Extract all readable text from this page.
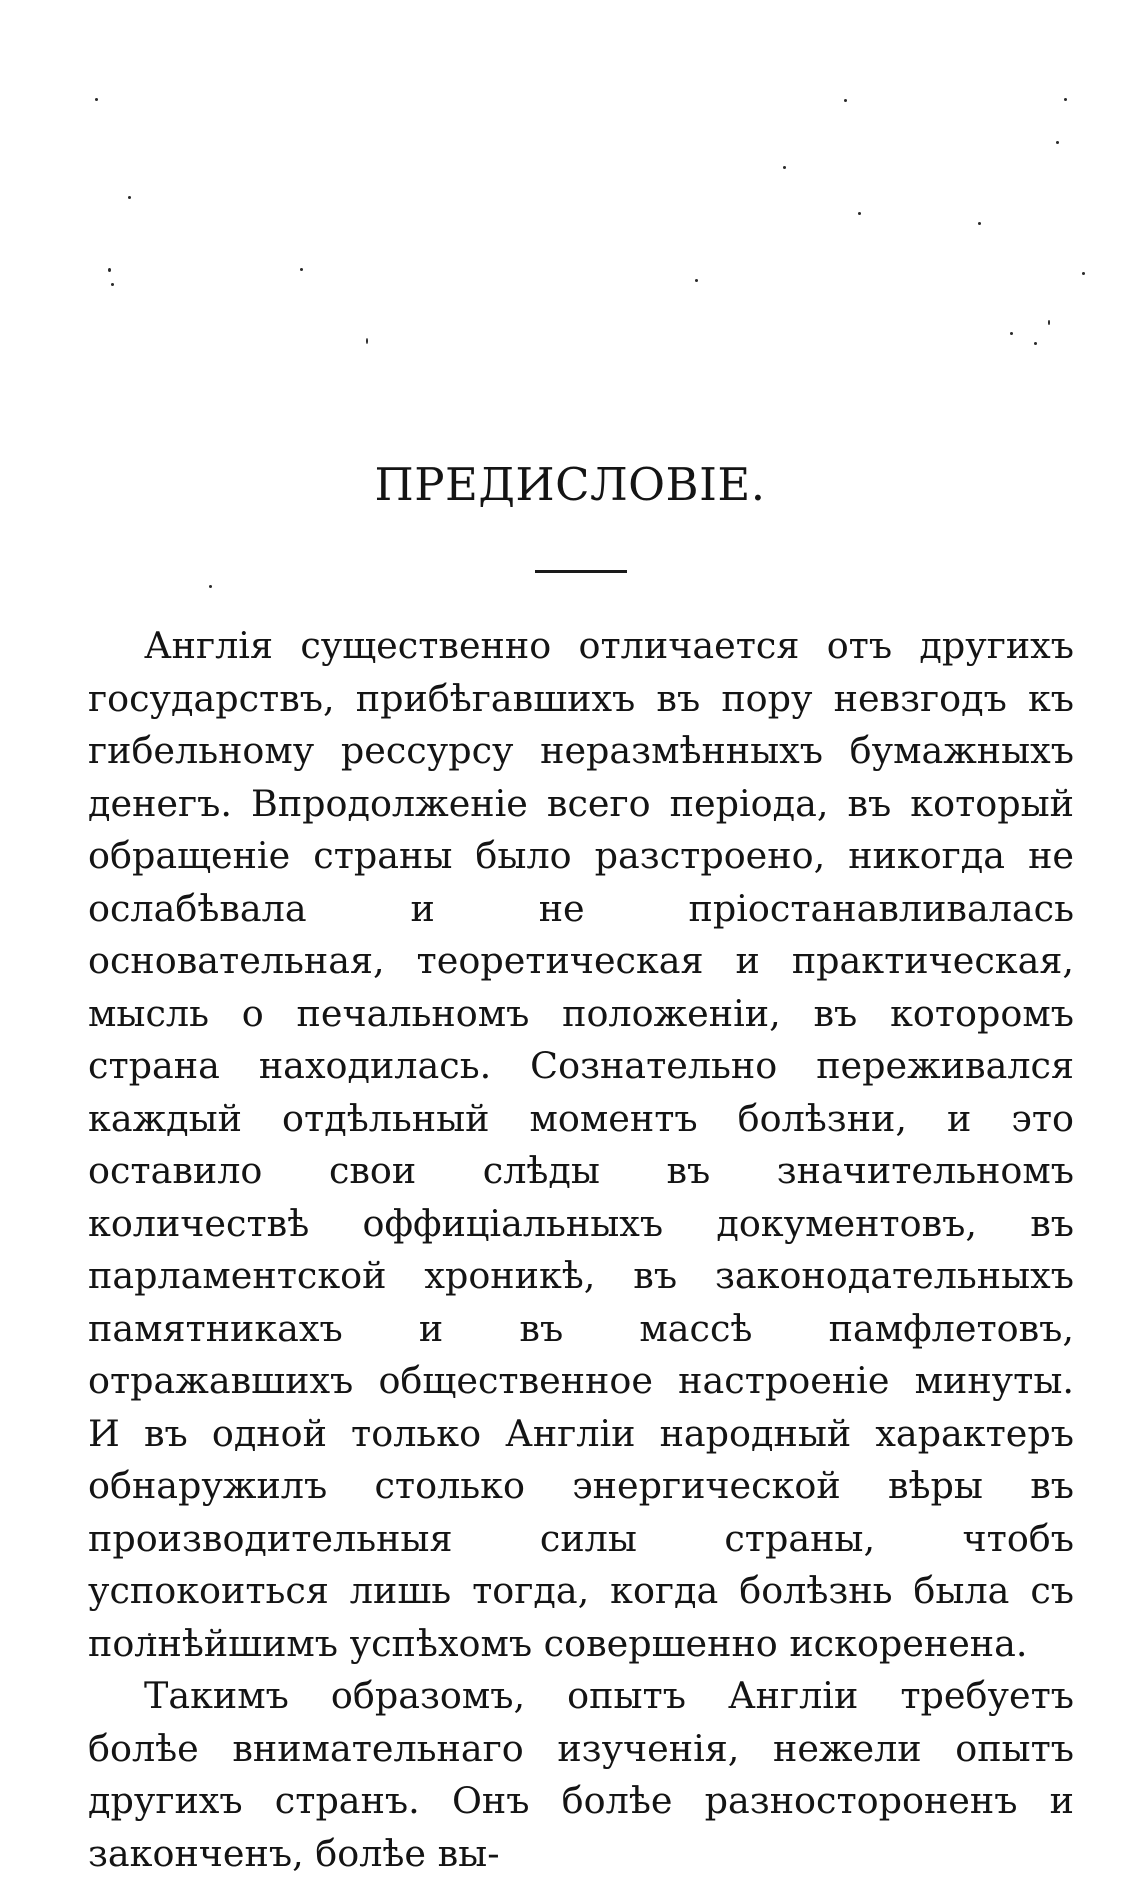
ПРЕДИСЛОВІЕ.

Англія существенно отличается отъ другихъ государствъ, прибѣгавшихъ въ пору невзгодъ къ гибельному рессурсу неразмѣнныхъ бумажныхъ денегъ. Впродолженіе всего періода, въ который обращеніе страны было разстроено, никогда не ослабѣвала и не пріостанавливалась основательная, теоретическая и практическая, мысль о печальномъ положеніи, въ которомъ страна находилась. Сознательно переживался каждый отдѣльный моментъ болѣзни, и это оставило свои слѣды въ значительномъ количествѣ оффиціальныхъ документовъ, въ парламентской хроникѣ, въ законодательныхъ памятникахъ и въ массѣ памфлетовъ, отражавшихъ общественное настроеніе минуты. И въ одной только Англіи народный характеръ обнаружилъ столько энергической вѣры въ производительныя силы страны, чтобъ успокоиться лишь тогда, когда болѣзнь была съ полнѣйшимъ успѣхомъ совершенно искоренена.

Такимъ образомъ, опытъ Англіи требуетъ болѣе внимательнаго изученія, нежели опытъ другихъ странъ. Онъ болѣе разностороненъ и законченъ, болѣе вы-
